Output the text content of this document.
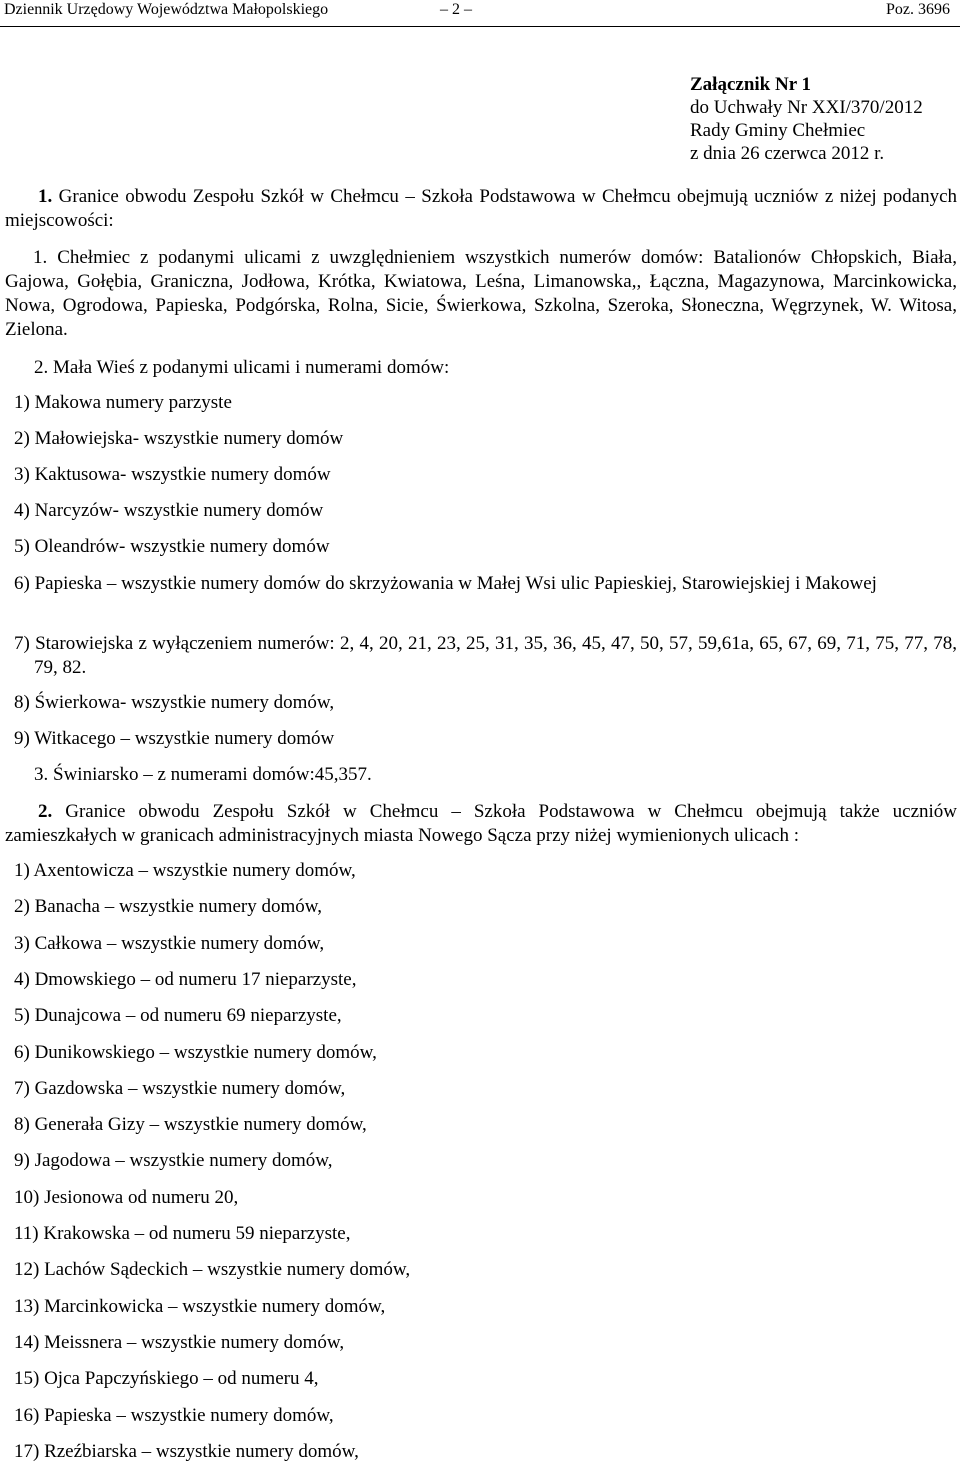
Dziennik Urzędowy Województwa Małopolskiego	– 2 –	Poz. 3696
Załącznik Nr 1
do Uchwały Nr XXI/370/2012
Rady Gminy Chełmiec
z dnia 26 czerwca 2012 r.
1. Granice obwodu Zespołu Szkół w Chełmcu – Szkoła Podstawowa w Chełmcu obejmują uczniów z niżej podanych miejscowości:
1. Chełmiec z podanymi ulicami z uwzględnieniem wszystkich numerów domów: Batalionów Chłopskich, Biała, Gajowa, Gołębia, Graniczna, Jodłowa, Krótka, Kwiatowa, Leśna, Limanowska,, Łączna, Magazynowa, Marcinkowicka, Nowa, Ogrodowa, Papieska, Podgórska, Rolna, Sicie, Świerkowa, Szkolna, Szeroka, Słoneczna, Węgrzynek, W. Witosa, Zielona.
2. Mała Wieś z podanymi ulicami i numerami domów:
1) Makowa numery parzyste
2) Małowiejska- wszystkie numery domów
3) Kaktusowa- wszystkie numery domów
4) Narcyzów- wszystkie numery domów
5) Oleandrów- wszystkie numery domów
6) Papieska – wszystkie numery domów do skrzyżowania w Małej Wsi ulic Papieskiej, Starowiejskiej i Makowej
7) Starowiejska z wyłączeniem numerów: 2, 4, 20, 21, 23, 25, 31, 35, 36, 45, 47, 50, 57, 59,61a, 65, 67, 69, 71, 75, 77, 78, 79, 82.
8) Świerkowa- wszystkie numery domów,
9) Witkacego – wszystkie numery domów
3. Świniarsko – z numerami domów:45,357.
2. Granice obwodu Zespołu Szkół w Chełmcu – Szkoła Podstawowa w Chełmcu obejmują także uczniów zamieszkałych w granicach administracyjnych miasta Nowego Sącza przy niżej wymienionych ulicach :
1) Axentowicza – wszystkie numery domów,
2) Banacha – wszystkie numery domów,
3) Całkowa – wszystkie numery domów,
4) Dmowskiego – od numeru 17 nieparzyste,
5) Dunajcowa – od numeru 69 nieparzyste,
6) Dunikowskiego – wszystkie numery domów,
7) Gazdowska – wszystkie numery domów,
8) Generała Gizy – wszystkie numery domów,
9) Jagodowa – wszystkie numery domów,
10) Jesionowa od numeru 20,
11) Krakowska – od numeru 59 nieparzyste,
12) Lachów Sądeckich – wszystkie numery domów,
13) Marcinkowicka – wszystkie numery domów,
14) Meissnera – wszystkie numery domów,
15) Ojca Papczyńskiego – od numeru 4,
16) Papieska – wszystkie numery domów,
17) Rzeźbiarska – wszystkie numery domów,
